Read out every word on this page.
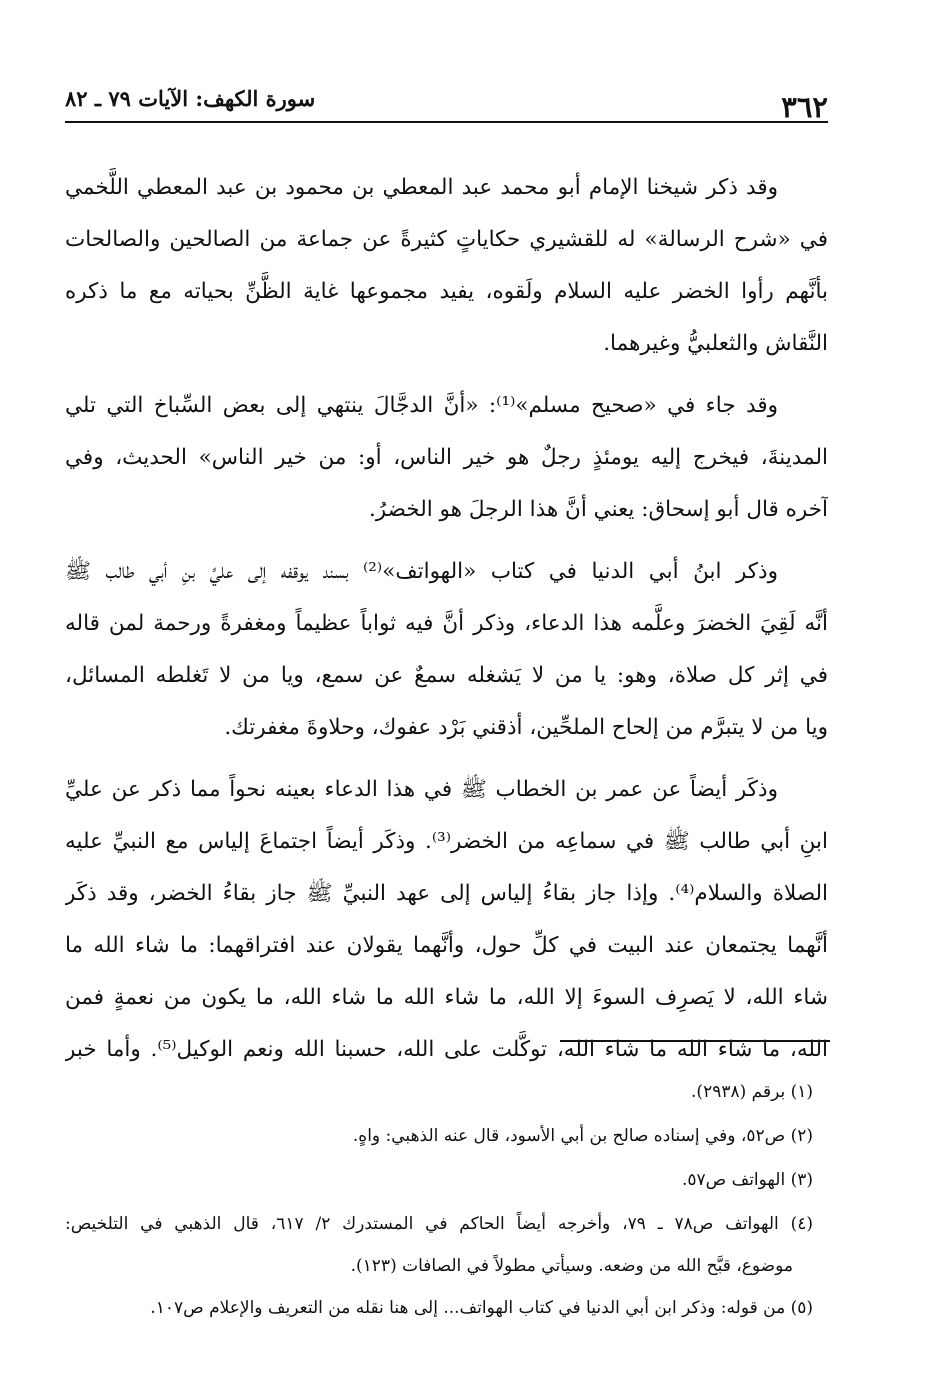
٣٦٢
سورة الكهف: الآيات ٧٩ ـ ٨٢
وقد ذكر شيخنا الإمام أبو محمد عبد المعطي بن محمود بن عبد المعطي اللَّخمي
في «شرح الرسالة» له للقشيري حكاياتٍ كثيرةً عن جماعة من الصالحين والصالحات
بأنَّهم رأوا الخضر عليه السلام ولَقوه، يفيد مجموعها غاية الظَّنِّ بحياته مع ما ذكره
النَّقاش والثعلبيُّ وغيرهما.
وقد جاء في «صحيح مسلم»⁽¹⁾: «أنَّ الدجَّالَ ينتهي إلى بعض السِّباخ التي تلي
المدينةَ، فيخرج إليه يومئذٍ رجلٌ هو خير الناس، أو: من خير الناس» الحديث، وفي
آخره قال أبو إسحاق: يعني أنَّ هذا الرجلَ هو الخضرُ.
وذكر ابنُ أبي الدنيا في كتاب «الهواتف»⁽²⁾ بسند يوقفه إلى عليِّ بنِ أبي طالب ﷺ
أنَّه لَقِيَ الخضرَ وعلَّمه هذا الدعاء، وذكر أنَّ فيه ثواباً عظيماً ومغفرةً ورحمة لمن قاله
في إثر كل صلاة، وهو: يا من لا يَشغله سمعٌ عن سمع، ويا من لا تَغلطه المسائل،
ويا من لا يتبرَّم من إلحاح الملحِّين، أذقني بَرْد عفوك، وحلاوةَ مغفرتك.
وذكَر أيضاً عن عمر بن الخطاب ﷺ في هذا الدعاء بعينه نحواً مما ذكر عن عليِّ
ابنِ أبي طالب ﷺ في سماعِه من الخضر⁽³⁾. وذكَر أيضاً اجتماعَ إلياس مع النبيِّ عليه
الصلاة والسلام⁽⁴⁾. وإذا جاز بقاءُ إلياس إلى عهد النبيِّ ﷺ جاز بقاءُ الخضر، وقد ذكَر
أنَّهما يجتمعان عند البيت في كلِّ حول، وأنَّهما يقولان عند افتراقهما: ما شاء الله ما
شاء الله، لا يَصرِف السوءَ إلا الله، ما شاء الله ما شاء الله، ما يكون من نعمةٍ فمن
الله، ما شاء الله ما شاء الله، توكَّلت على الله، حسبنا الله ونعم الوكيل⁽⁵⁾. وأما خبر
(١) برقم (٢٩٣٨).
(٢) ص٥٢، وفي إسناده صالح بن أبي الأسود، قال عنه الذهبي: واهٍ.
(٣) الهواتف ص٥٧.
(٤) الهواتف ص٧٨ ـ ٧٩، وأخرجه أيضاً الحاكم في المستدرك ٢/ ٦١٧، قال الذهبي في التلخيص:
موضوع، قبَّح الله من وضعه. وسيأتي مطولاً في الصافات (١٢٣).
(٥) من قوله: وذكر ابن أبي الدنيا في كتاب الهواتف... إلى هنا نقله من التعريف والإعلام ص١٠٧.
